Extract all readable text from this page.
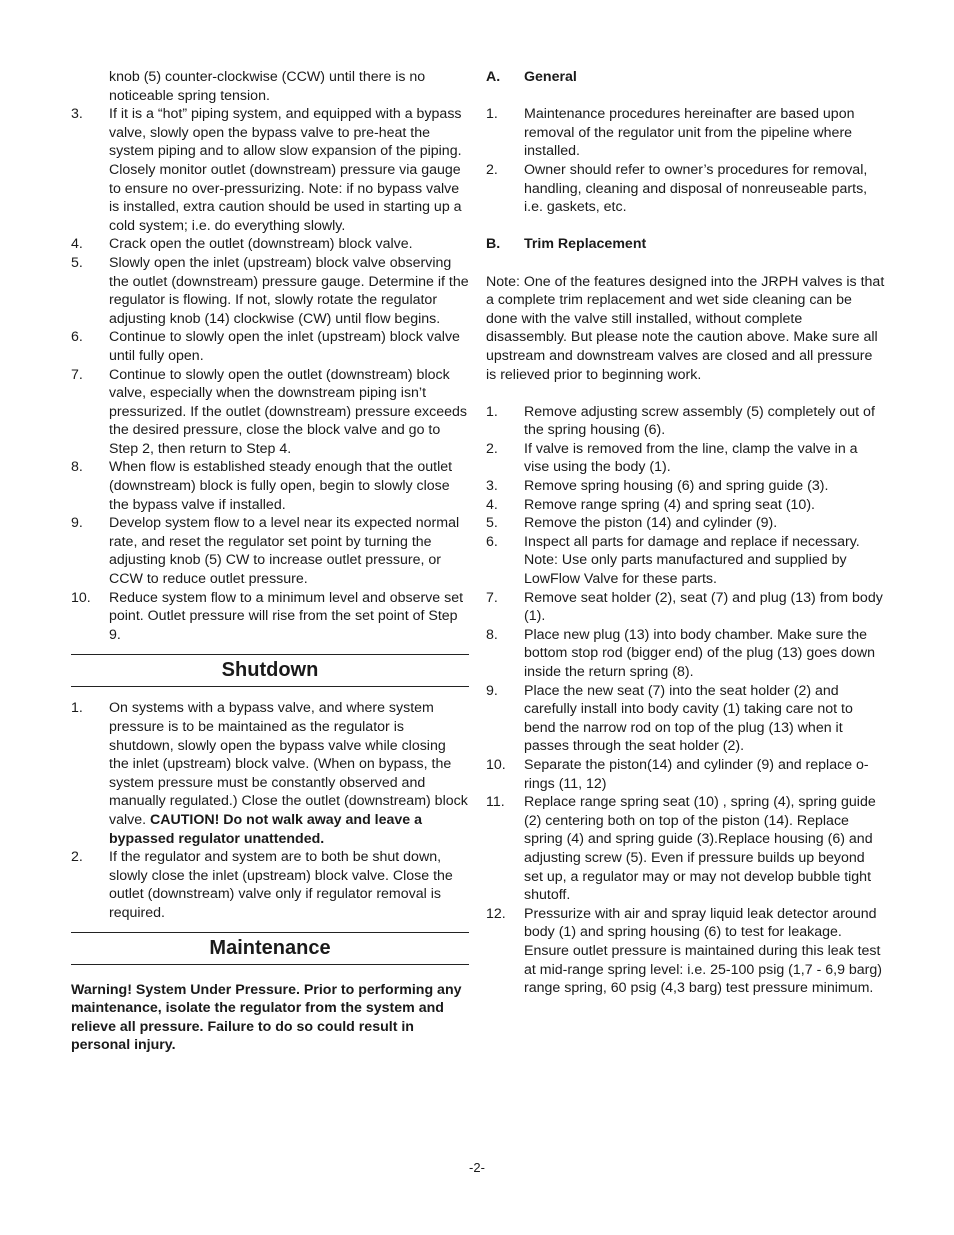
knob (5) counter-clockwise (CCW) until there is no noticeable spring tension.

3. If it is a “hot” piping system, and equipped with a bypass valve, slowly open the bypass valve to pre-heat the system piping and to allow slow expansion of the piping. Closely monitor outlet (downstream) pressure via gauge to ensure no over-pressurizing. Note: if no bypass valve is installed, extra caution should be used in starting up a cold system; i.e. do everything slowly.
4. Crack open the outlet (downstream) block valve.
5. Slowly open the inlet (upstream) block valve observing the outlet (downstream) pressure gauge. Determine if the regulator is flowing. If not, slowly rotate the regulator adjusting knob (14) clockwise (CW) until flow begins.
6. Continue to slowly open the inlet (upstream) block valve until fully open.
7. Continue to slowly open the outlet (downstream) block valve, especially when the downstream piping isn’t pressurized. If the outlet (downstream) pressure exceeds the desired pressure, close the block valve and go to Step 2, then return to Step 4.
8. When flow is established steady enough that the outlet (downstream) block is fully open, begin to slowly close the bypass valve if installed.
9. Develop system flow to a level near its expected normal rate, and reset the regulator set point by turning the adjusting knob (5) CW to increase outlet pressure, or CCW to reduce outlet pressure.
10. Reduce system flow to a minimum level and observe set point. Outlet pressure will rise from the set point of Step 9.
Shutdown
1. On systems with a bypass valve, and where system pressure is to be maintained as the regulator is shutdown, slowly open the bypass valve while closing the inlet (upstream) block valve. (When on bypass, the system pressure must be constantly observed and manually regulated.) Close the outlet (downstream) block valve. CAUTION! Do not walk away and leave a bypassed regulator unattended.
2. If the regulator and system are to both be shut down, slowly close the inlet (upstream) block valve. Close the outlet (downstream) valve only if regulator removal is required.
Maintenance

Warning! System Under Pressure. Prior to performing any maintenance, isolate the regulator from the system and relieve all pressure. Failure to do so could result in personal injury.

A. General

1. Maintenance procedures hereinafter are based upon removal of the regulator unit from the pipeline where installed.
2. Owner should refer to owner’s procedures for removal, handling, cleaning and disposal of nonreuseable parts, i.e. gaskets, etc.

B. Trim Replacement

Note: One of the features designed into the JRPH valves is that a complete trim replacement and wet side cleaning can be done with the valve still installed, without complete disassembly. But please note the caution above. Make sure all upstream and downstream valves are closed and all pressure is relieved prior to beginning work.

1. Remove adjusting screw assembly (5) completely out of the spring housing (6).
2. If valve is removed from the line, clamp the valve in a vise using the body (1).
3. Remove spring housing (6) and spring guide (3).
4. Remove range spring (4) and spring seat (10).
5. Remove the piston (14) and cylinder (9).
6. Inspect all parts for damage and replace if necessary. Note: Use only parts manufactured and supplied by LowFlow Valve for these parts.
7. Remove seat holder (2), seat (7) and plug (13) from body (1).
8. Place new plug (13) into body chamber. Make sure the bottom stop rod (bigger end) of the plug (13) goes down inside the return spring (8).
9. Place the new seat (7) into the seat holder (2) and carefully install into body cavity (1) taking care not to bend the narrow rod on top of the plug (13) when it passes through the seat holder (2).
10. Separate the piston(14) and cylinder (9) and replace o-rings (11, 12)
11. Replace range spring seat (10) , spring (4), spring guide (2) centering both on top of the piston (14). Replace spring (4) and spring guide (3).Replace housing (6) and adjusting screw (5). Even if pressure builds up beyond set up, a regulator may or may not develop bubble tight shutoff.
12. Pressurize with air and spray liquid leak detector around body (1) and spring housing (6) to test for leakage. Ensure outlet pressure is maintained during this leak test at mid-range spring level: i.e. 25-100 psig (1,7 - 6,9 barg) range spring, 60 psig (4,3 barg) test pressure minimum.
-2-
